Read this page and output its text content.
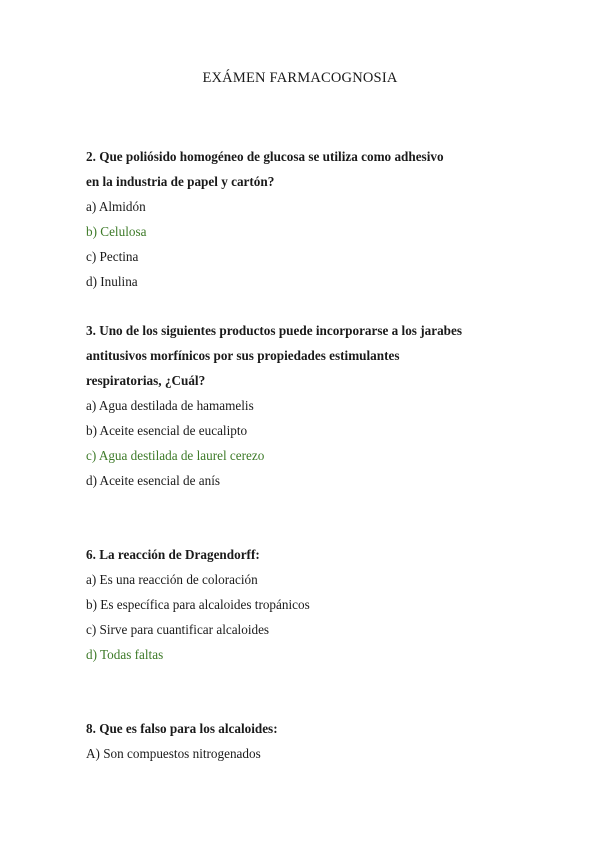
EXÁMEN FARMACOGNOSIA
2. Que poliósido homogéneo de glucosa se utiliza como adhesivo
en la industria de papel y cartón?
a) Almidón
b) Celulosa
c) Pectina
d) Inulina
3. Uno de los siguientes productos puede incorporarse a los jarabes
antitusivos morfínicos por sus propiedades estimulantes
respiratorias, ¿Cuál?
a) Agua destilada de hamamelis
b) Aceite esencial de eucalipto
c) Agua destilada de laurel cerezo
d) Aceite esencial de anís
6. La reacción de Dragendorff:
a) Es una reacción de coloración
b) Es específica para alcaloides tropánicos
c) Sirve para cuantificar alcaloides
d) Todas faltas
8. Que es falso para los alcaloides:
A) Son compuestos nitrogenados
